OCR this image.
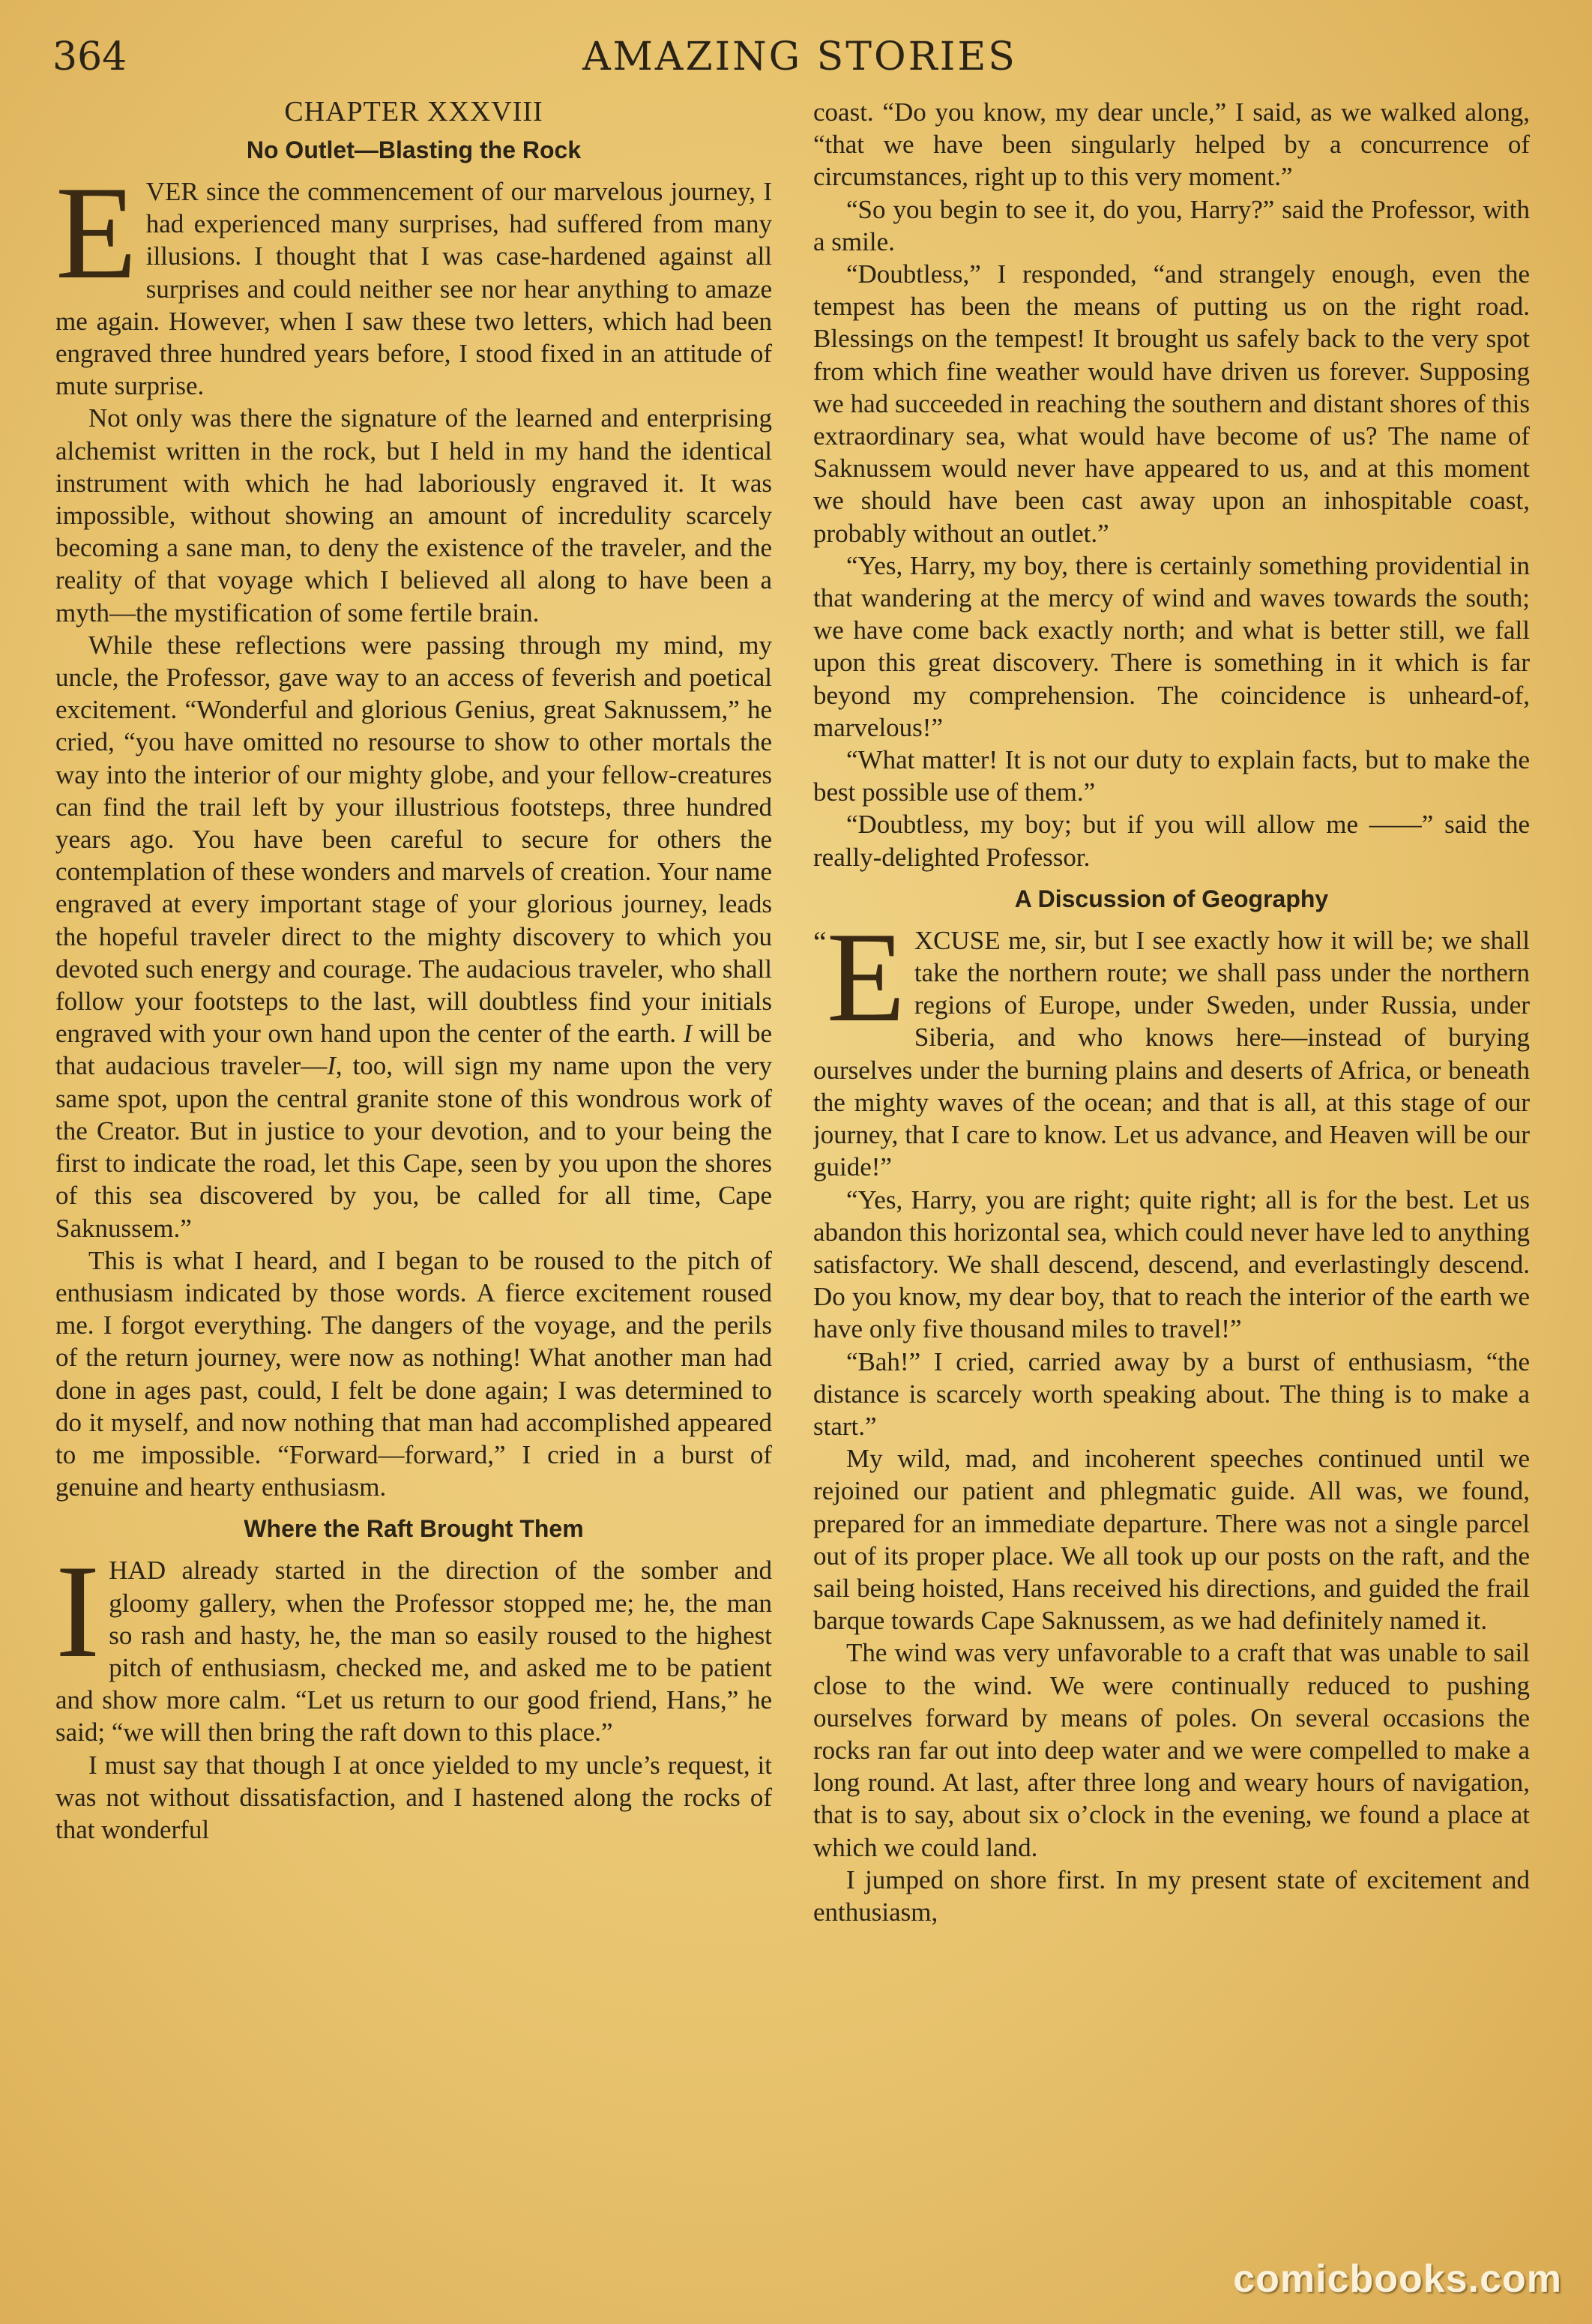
364	AMAZING STORIES
CHAPTER XXXVIII
No Outlet—Blasting the Rock

EVER since the commencement of our marvelous journey, I had experienced many surprises, had suffered from many illusions. I thought that I was case-hardened against all surprises and could neither see nor hear anything to amaze me again. However, when I saw these two letters, which had been engraved three hundred years before, I stood fixed in an attitude of mute surprise.

Not only was there the signature of the learned and enterprising alchemist written in the rock, but I held in my hand the identical instrument with which he had laboriously engraved it. It was impossible, without showing an amount of incredulity scarcely becoming a sane man, to deny the existence of the traveler, and the reality of that voyage which I believed all along to have been a myth—the mystification of some fertile brain.

While these reflections were passing through my mind, my uncle, the Professor, gave way to an access of feverish and poetical excitement. “Wonderful and glorious Genius, great Saknussem,” he cried, “you have omitted no resourse to show to other mortals the way into the interior of our mighty globe, and your fellow-creatures can find the trail left by your illustrious footsteps, three hundred years ago. You have been careful to secure for others the contemplation of these wonders and marvels of creation. Your name engraved at every important stage of your glorious journey, leads the hopeful traveler direct to the mighty discovery to which you devoted such energy and courage. The audacious traveler, who shall follow your footsteps to the last, will doubtless find your initials engraved with your own hand upon the center of the earth. I will be that audacious traveler—I, too, will sign my name upon the very same spot, upon the central granite stone of this wondrous work of the Creator. But in justice to your devotion, and to your being the first to indicate the road, let this Cape, seen by you upon the shores of this sea discovered by you, be called for all time, Cape Saknussem.”

This is what I heard, and I began to be roused to the pitch of enthusiasm indicated by those words. A fierce excitement roused me. I forgot everything. The dangers of the voyage, and the perils of the return journey, were now as nothing! What another man had done in ages past, could, I felt be done again; I was determined to do it myself, and now nothing that man had accomplished appeared to me impossible. “Forward—forward,” I cried in a burst of genuine and hearty enthusiasm.

Where the Raft Brought Them

IHAD already started in the direction of the somber and gloomy gallery, when the Professor stopped me; he, the man so rash and hasty, he, the man so easily roused to the highest pitch of enthusiasm, checked me, and asked me to be patient and show more calm. “Let us return to our good friend, Hans,” he said; “we will then bring the raft down to this place.”

I must say that though I at once yielded to my uncle’s request, it was not without dissatisfaction, and I hastened along the rocks of that wonderful

coast. “Do you know, my dear uncle,” I said, as we walked along, “that we have been singularly helped by a concurrence of circumstances, right up to this very moment.”

“So you begin to see it, do you, Harry?” said the Professor, with a smile.

“Doubtless,” I responded, “and strangely enough, even the tempest has been the means of putting us on the right road. Blessings on the tempest! It brought us safely back to the very spot from which fine weather would have driven us forever. Supposing we had succeeded in reaching the southern and distant shores of this extraordinary sea, what would have become of us? The name of Saknussem would never have appeared to us, and at this moment we should have been cast away upon an inhospitable coast, probably without an outlet.”

“Yes, Harry, my boy, there is certainly something providential in that wandering at the mercy of wind and waves towards the south; we have come back exactly north; and what is better still, we fall upon this great discovery. There is something in it which is far beyond my comprehension. The coincidence is unheard-of, marvelous!”

“What matter! It is not our duty to explain facts, but to make the best possible use of them.”

“Doubtless, my boy; but if you will allow me ——” said the really-delighted Professor.

A Discussion of Geography

“ E XCUSE me, sir, but I see exactly how it will be; we shall take the northern route; we shall pass under the northern regions of Europe, under Sweden, under Russia, under Siberia, and who knows here—instead of burying ourselves under the burning plains and deserts of Africa, or beneath the mighty waves of the ocean; and that is all, at this stage of our journey, that I care to know. Let us advance, and Heaven will be our guide!”

“Yes, Harry, you are right; quite right; all is for the best. Let us abandon this horizontal sea, which could never have led to anything satisfactory. We shall descend, descend, and everlastingly descend. Do you know, my dear boy, that to reach the interior of the earth we have only five thousand miles to travel!”

“Bah!” I cried, carried away by a burst of enthusiasm, “the distance is scarcely worth speaking about. The thing is to make a start.”

My wild, mad, and incoherent speeches continued until we rejoined our patient and phlegmatic guide. All was, we found, prepared for an immediate departure. There was not a single parcel out of its proper place. We all took up our posts on the raft, and the sail being hoisted, Hans received his directions, and guided the frail barque towards Cape Saknussem, as we had definitely named it.

The wind was very unfavorable to a craft that was unable to sail close to the wind. We were continually reduced to pushing ourselves forward by means of poles. On several occasions the rocks ran far out into deep water and we were compelled to make a long round. At last, after three long and weary hours of navigation, that is to say, about six o’clock in the evening, we found a place at which we could land.

I jumped on shore first. In my present state of excitement and enthusiasm,

comicbooks.com
